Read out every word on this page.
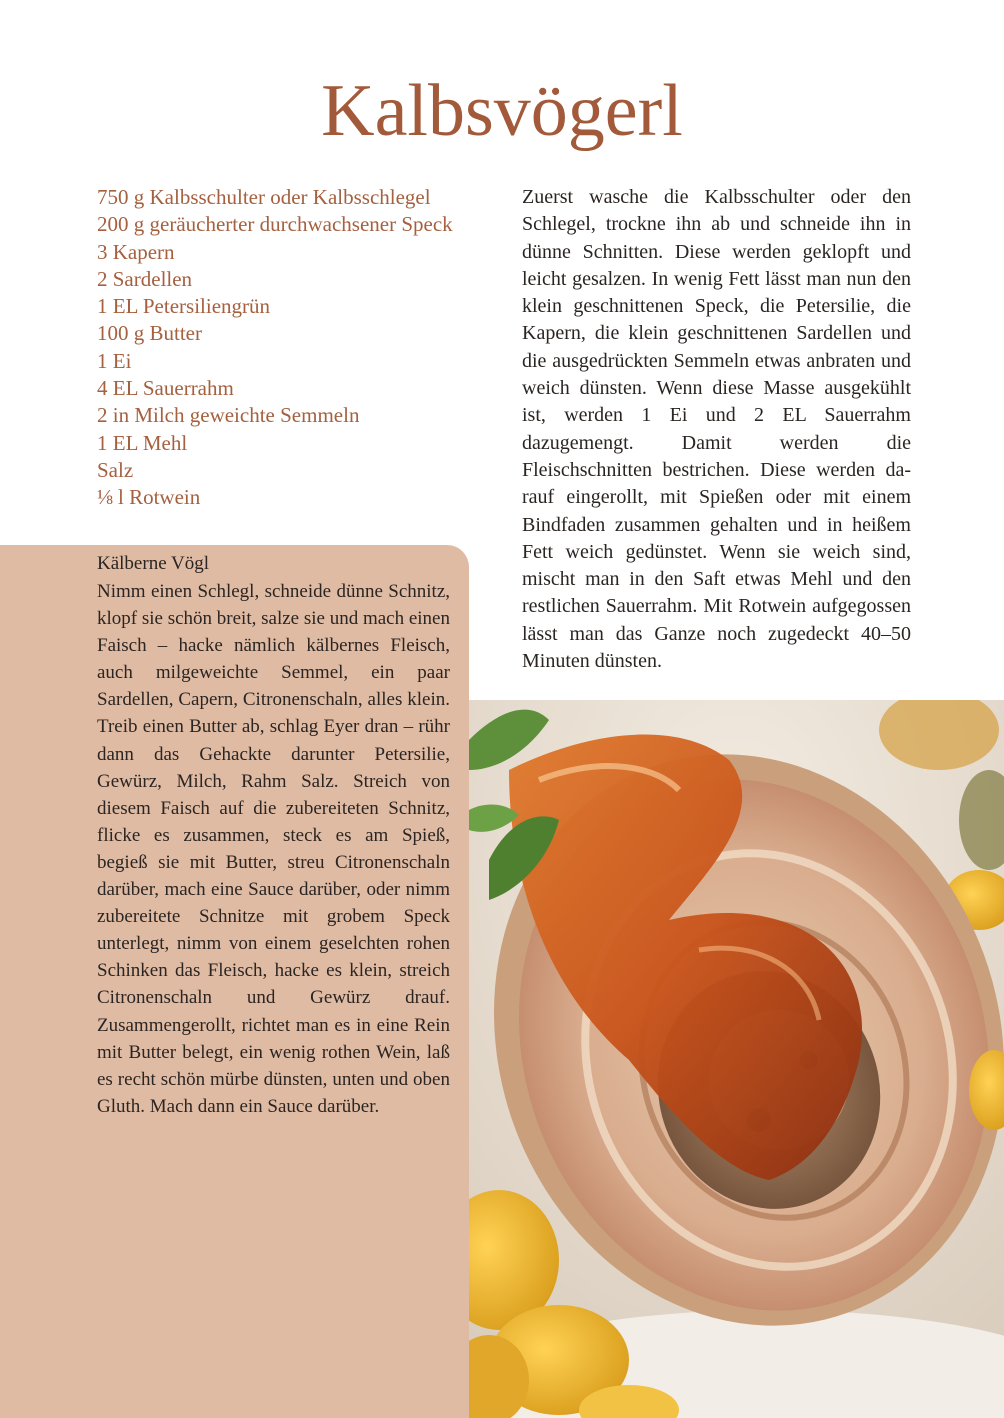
Kalbsvögerl
750 g Kalbsschulter oder Kalbsschlegel
200 g geräucherter durchwachsener Speck
3 Kapern
2 Sardellen
1 EL Petersiliengrün
100 g Butter
1 Ei
4 EL Sauerrahm
2 in Milch geweichte Semmeln
1 EL Mehl
Salz
⅛ l Rotwein

Zuerst wasche die Kalbsschulter oder den Schlegel, trockne ihn ab und schneide ihn in dünne Schnitten. Diese werden geklopft und leicht gesalzen. In wenig Fett lässt man nun den klein geschnittenen Speck, die Petersilie, die Kapern, die klein geschnittenen Sardellen und die ausgedrückten Semmeln etwas anbraten und weich dünsten. Wenn diese Masse ausgekühlt ist, werden 1 Ei und 2 EL Sauerrahm dazugemengt. Damit werden die Fleischschnitten bestrichen. Diese werden darauf eingerollt, mit Spießen oder mit einem Bindfaden zusammen gehalten und in heißem Fett weich gedünstet. Wenn sie weich sind, mischt man in den Saft etwas Mehl und den restlichen Sauerrahm. Mit Rotwein aufgegossen lässt man das Ganze noch zugedeckt 40–50 Minuten dünsten.

Kälberne Vögl

Nimm einen Schlegl, schneide dünne Schnitz, klopf sie schön breit, salze sie und mach einen Faisch – hacke nämlich kälbernes Fleisch, auch milgeweichte Semmel, ein paar Sardellen, Capern, Citronenschaln, alles klein. Treib einen Butter ab, schlag Eyer dran – rühr dann das Gehackte darunter Petersilie, Gewürz, Milch, Rahm Salz. Streich von diesem Faisch auf die zubereiteten Schnitz, flicke es zusammen, steck es am Spieß, begieß sie mit Butter, streu Citronenschaln darüber, mach eine Sauce darüber, oder nimm zubereitete Schnitze mit grobem Speck unterlegt, nimm von einem geselchten rohen Schinken das Fleisch, hacke es klein, streich Citronenschaln und Gewürz drauf. Zusammengerollt, richtet man es in eine Rein mit Butter belegt, ein wenig rothen Wein, laß es recht schön mürbe dünsten, unten und oben Gluth. Mach dann ein Sauce darüber.
